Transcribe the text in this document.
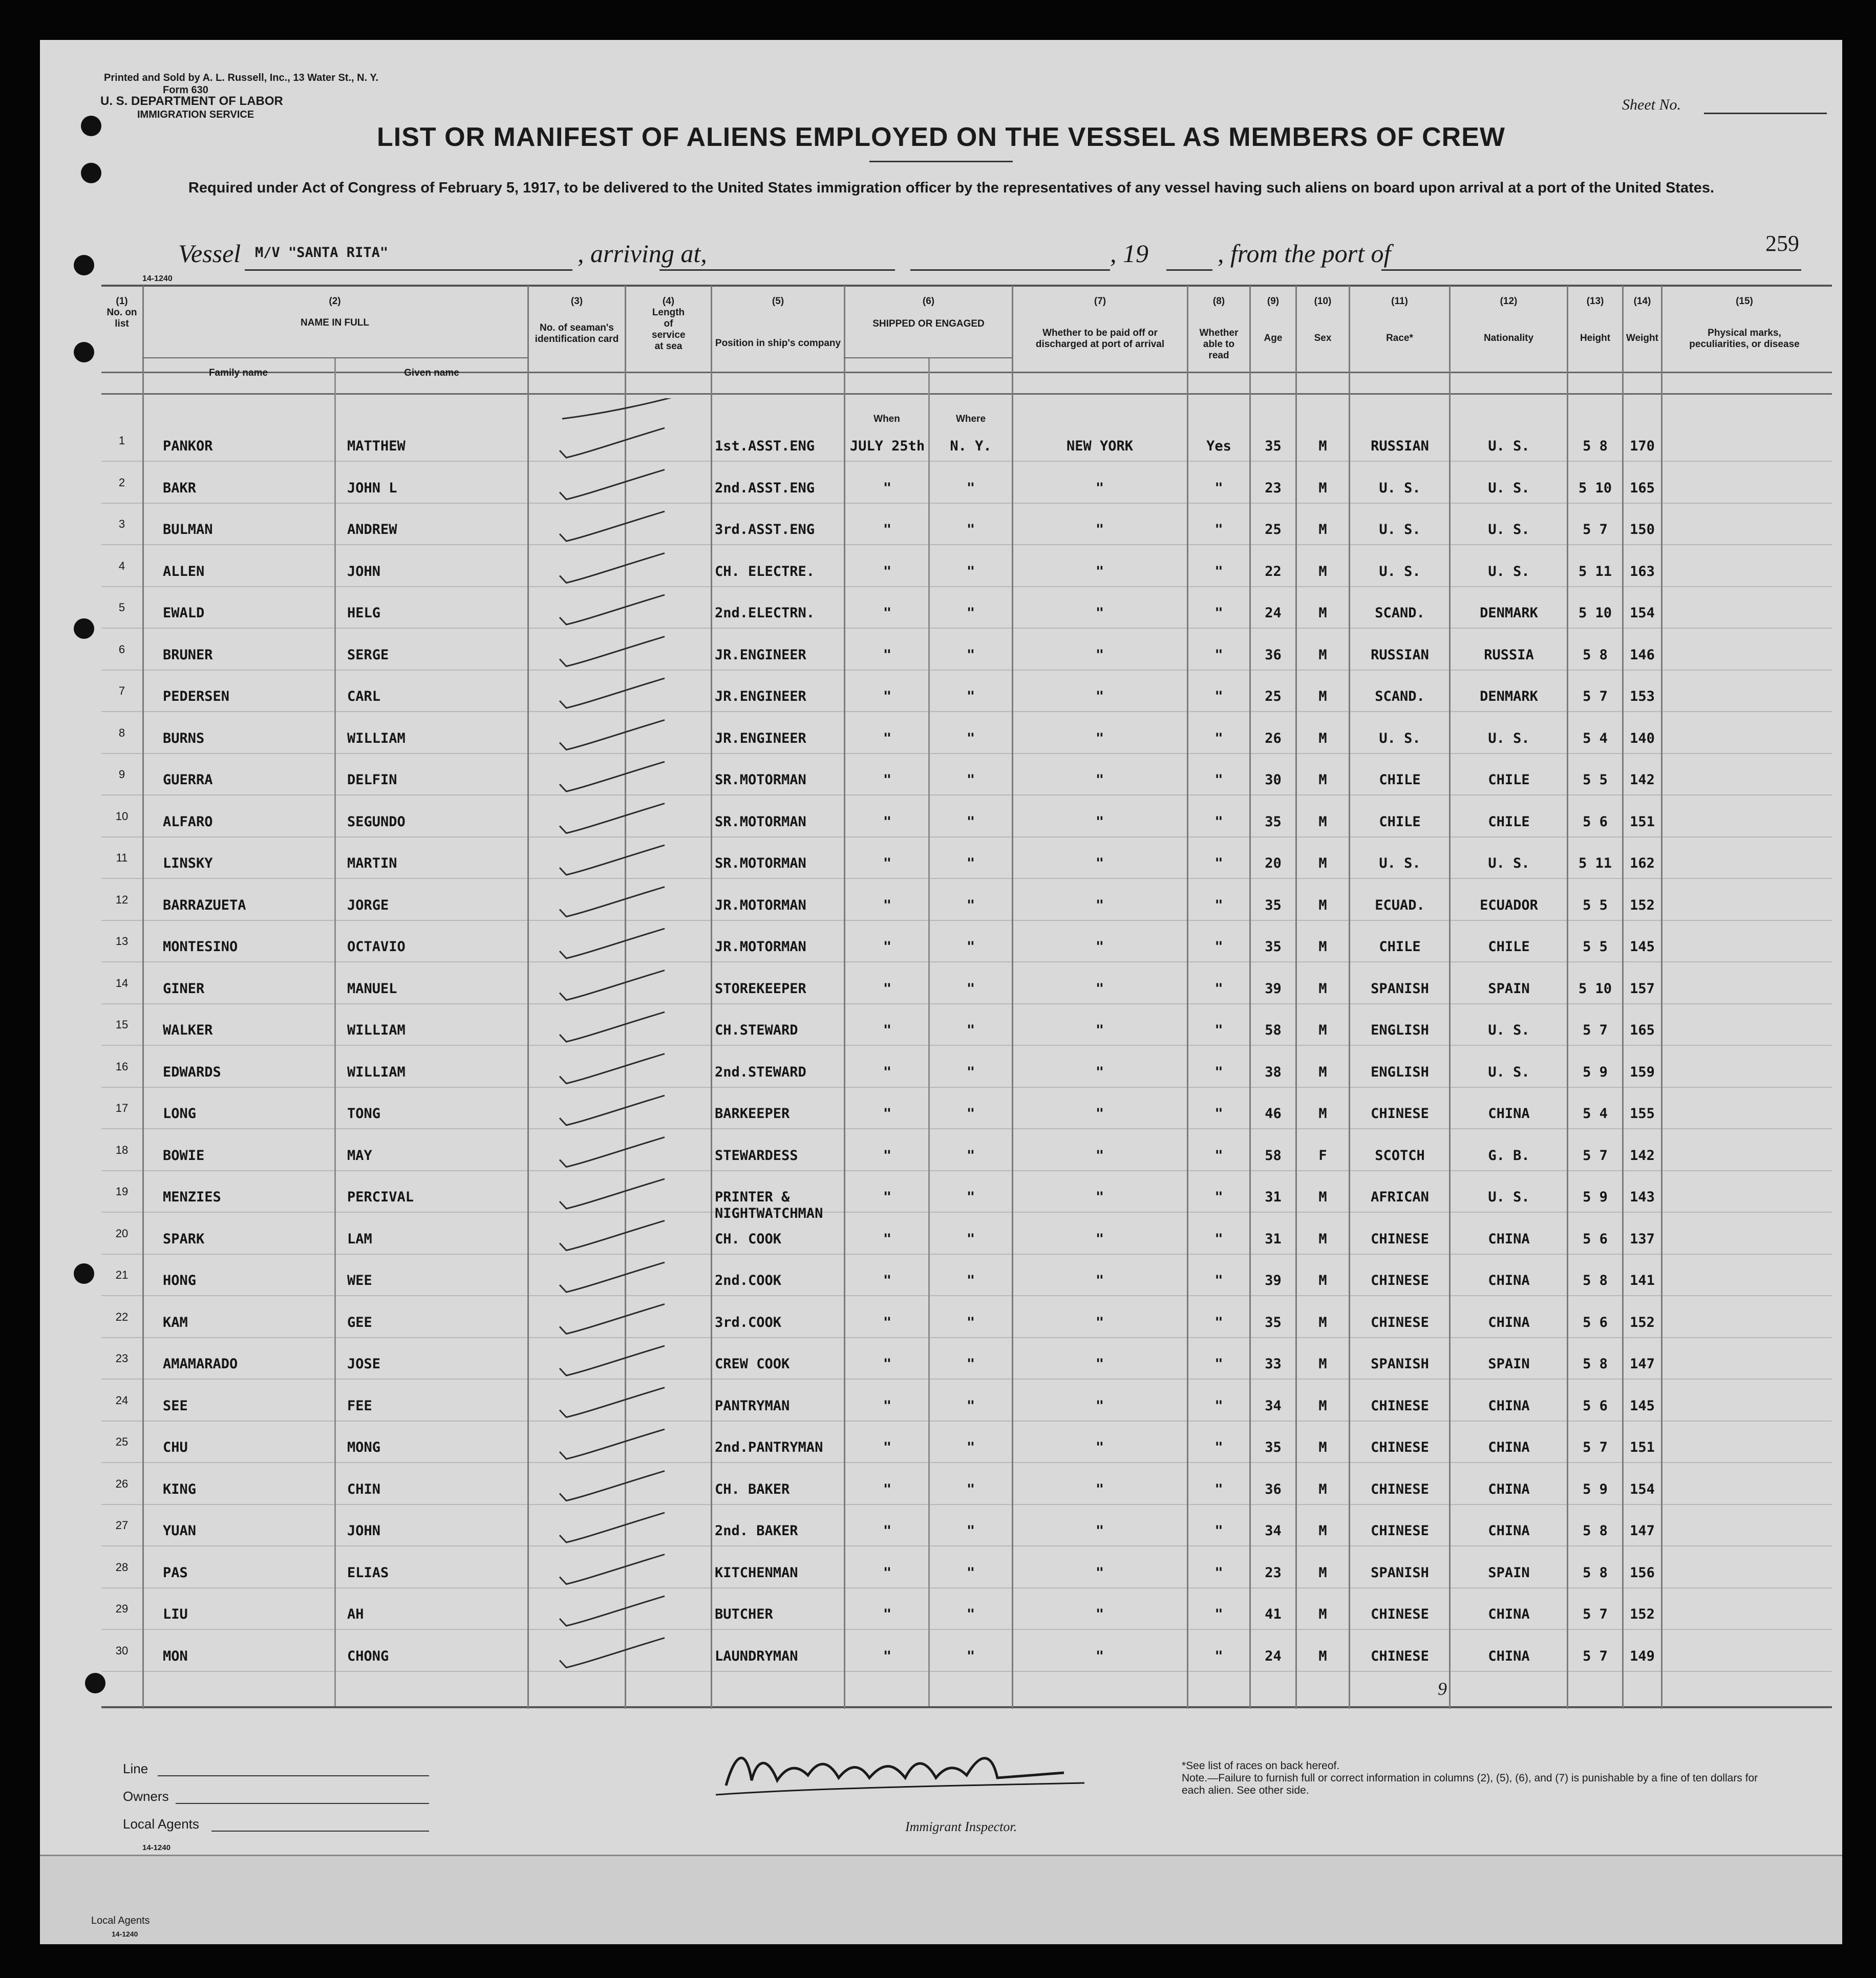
Printed and Sold by A. L. Russell, Inc., 13 Water St., N. Y.
Form 630
U. S. DEPARTMENT OF LABOR
IMMIGRATION SERVICE
Sheet No.
LIST OR MANIFEST OF ALIENS EMPLOYED ON THE VESSEL AS MEMBERS OF CREW
Required under Act of Congress of February 5, 1917, to be delivered to the United States immigration officer by the representatives of any vessel having such aliens on board upon arrival at a port of the United States.
Vessel M/V "SANTA RITA"	, arriving at,	, 19	, from the port of	259
14-1240
(1)
No. on list
(2)
NAME IN FULL
Family name	Given name
(3)
No. of seaman's identification card
(4)
Length of service at sea
(5)
Position in ship's company
(6)
SHIPPED OR ENGAGED
When	Where
(7)
Whether to be paid off or discharged at port of arrival
(8)
Whether able to read
(9)
Age
(10)
Sex
(11)
Race*
(12)
Nationality
(13)
Height
(14)
Weight
(15)
Physical marks, peculiarities, or disease
1	PANKOR	MATTHEW	1st.ASST.ENG	JULY 25th	N. Y.	NEW YORK	Yes	35	M	RUSSIAN	U. S.	5 8	170
2	BAKR	JOHN L	2nd.ASST.ENG	"	"	"	"	23	M	U. S.	U. S.	5 10	165
3	BULMAN	ANDREW	3rd.ASST.ENG	"	"	"	"	25	M	U. S.	U. S.	5 7	150
4	ALLEN	JOHN	CH. ELECTRE.	"	"	"	"	22	M	U. S.	U. S.	5 11	163
5	EWALD	HELG	2nd.ELECTRN.	"	"	"	"	24	M	SCAND.	DENMARK	5 10	154
6	BRUNER	SERGE	JR.ENGINEER	"	"	"	"	36	M	RUSSIAN	RUSSIA	5 8	146
7	PEDERSEN	CARL	JR.ENGINEER	"	"	"	"	25	M	SCAND.	DENMARK	5 7	153
8	BURNS	WILLIAM	JR.ENGINEER	"	"	"	"	26	M	U. S.	U. S.	5 4	140
9	GUERRA	DELFIN	SR.MOTORMAN	"	"	"	"	30	M	CHILE	CHILE	5 5	142
10	ALFARO	SEGUNDO	SR.MOTORMAN	"	"	"	"	35	M	CHILE	CHILE	5 6	151
11	LINSKY	MARTIN	SR.MOTORMAN	"	"	"	"	20	M	U. S.	U. S.	5 11	162
12	BARRAZUETA	JORGE	JR.MOTORMAN	"	"	"	"	35	M	ECUAD.	ECUADOR	5 5	152
13	MONTESINO	OCTAVIO	JR.MOTORMAN	"	"	"	"	35	M	CHILE	CHILE	5 5	145
14	GINER	MANUEL	STOREKEEPER	"	"	"	"	39	M	SPANISH	SPAIN	5 10	157
15	WALKER	WILLIAM	CH.STEWARD	"	"	"	"	58	M	ENGLISH	U. S.	5 7	165
16	EDWARDS	WILLIAM	2nd.STEWARD	"	"	"	"	38	M	ENGLISH	U. S.	5 9	159
17	LONG	TONG	BARKEEPER	"	"	"	"	46	M	CHINESE	CHINA	5 4	155
18	BOWIE	MAY	STEWARDESS	"	"	"	"	58	F	SCOTCH	G. B.	5 7	142
19	MENZIES	PERCIVAL	PRINTER &	"	"	"	"	31	M	AFRICAN	U. S.	5 9	143
NIGHTWATCHMAN
20	SPARK	LAM	CH. COOK	"	"	"	"	31	M	CHINESE	CHINA	5 6	137
21	HONG	WEE	2nd.COOK	"	"	"	"	39	M	CHINESE	CHINA	5 8	141
22	KAM	GEE	3rd.COOK	"	"	"	"	35	M	CHINESE	CHINA	5 6	152
23	AMAMARADO	JOSE	CREW COOK	"	"	"	"	33	M	SPANISH	SPAIN	5 8	147
24	SEE	FEE	PANTRYMAN	"	"	"	"	34	M	CHINESE	CHINA	5 6	145
25	CHU	MONG	2nd.PANTRYMAN	"	"	"	"	35	M	CHINESE	CHINA	5 7	151
26	KING	CHIN	CH. BAKER	"	"	"	"	36	M	CHINESE	CHINA	5 9	154
27	YUAN	JOHN	2nd. BAKER	"	"	"	"	34	M	CHINESE	CHINA	5 8	147
28	PAS	ELIAS	KITCHENMAN	"	"	"	"	23	M	SPANISH	SPAIN	5 8	156
29	LIU	AH	BUTCHER	"	"	"	"	41	M	CHINESE	CHINA	5 7	152
30	MON	CHONG	LAUNDRYMAN	"	"	"	"	24	M	CHINESE	CHINA	5 7	149
9
Line
Owners
Local Agents
14-1240
Immigrant Inspector.
*See list of races on back hereof.
Note.—Failure to furnish full or correct information in columns (2), (5), (6), and (7) is punishable by a fine of ten dollars for each alien. See other side.
Local Agents
14-1240
